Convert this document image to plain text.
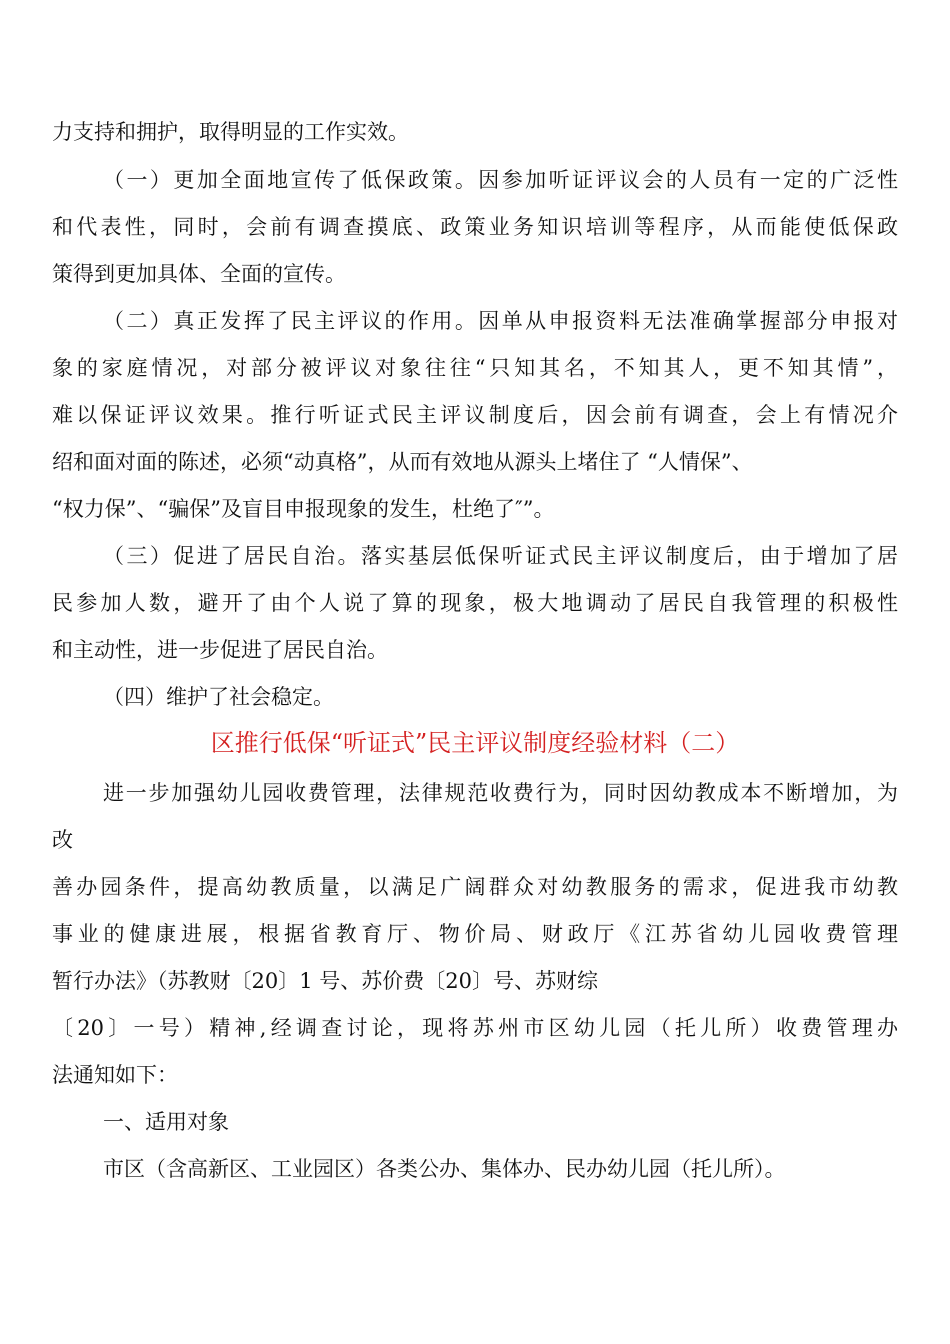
力支持和拥护，取得明显的工作实效。
（一）更加全面地宣传了低保政策。因参加听证评议会的人员有一定的广泛性
和代表性，同时，会前有调查摸底、政策业务知识培训等程序，从而能使低保政
策得到更加具体、全面的宣传。
（二）真正发挥了民主评议的作用。因单从申报资料无法准确掌握部分申报对
象的家庭情况，对部分被评议对象往往“只知其名，不知其人，更不知其情”，
难以保证评议效果。推行听证式民主评议制度后，因会前有调查，会上有情况介
绍和面对面的陈述，必须“动真格”，从而有效地从源头上堵住了 “人情保”、
“权力保”、“骗保”及盲目申报现象的发生，杜绝了″”。
（三）促进了居民自治。落实基层低保听证式民主评议制度后，由于增加了居
民参加人数，避开了由个人说了算的现象，极大地调动了居民自我管理的积极性
和主动性，进一步促进了居民自治。
（四）维护了社会稳定。
区推行低保“听证式”民主评议制度经验材料（二）
进一步加强幼儿园收费管理，法律规范收费行为，同时因幼教成本不断增加，为
改
善办园条件，提高幼教质量，以满足广阔群众对幼教服务的需求，促进我市幼教
事业的健康进展，根据省教育厅、物价局、财政厅《江苏省幼儿园收费管理
暂行办法》（苏教财〔20〕1 号、苏价费〔20〕号、苏财综
〔20〕一号）精神,经调查讨论，现将苏州市区幼儿园（托儿所）收费管理办
法通知如下：
一、适用对象
市区（含高新区、工业园区）各类公办、集体办、民办幼儿园（托儿所）。
